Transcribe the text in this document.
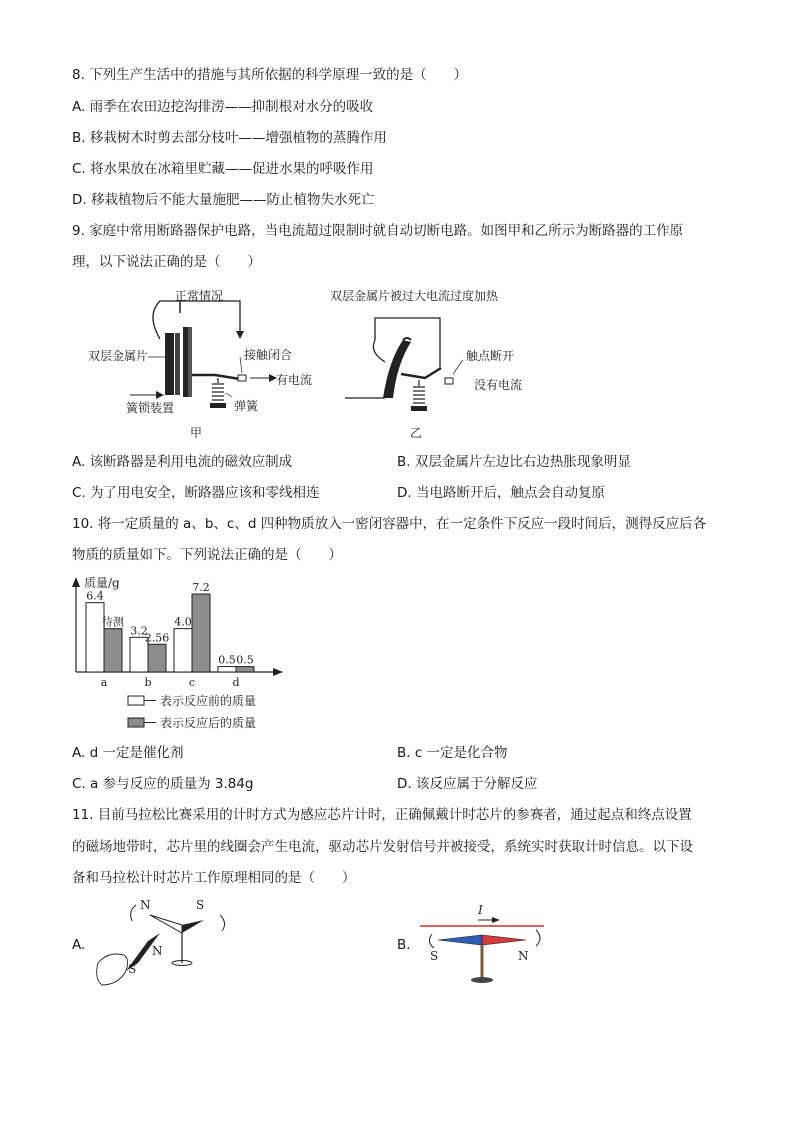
8. 下列生产生活中的措施与其所依据的科学原理一致的是（　　）
A. 雨季在农田边挖沟排涝——抑制根对水分的吸收
B. 移栽树木时剪去部分枝叶——增强植物的蒸腾作用
C. 将水果放在冰箱里贮藏——促进水果的呼吸作用
D. 移栽植物后不能大量施肥——防止植物失水死亡
9. 家庭中常用断路器保护电路，当电流超过限制时就自动切断电路。如图甲和乙所示为断路器的工作原
理，以下说法正确的是（　　）
正常情况
双层金属片	接触闭合
有电流
弹簧
簧锁装置
甲
双层金属片被过大电流过度加热
触点断开
没有电流
乙
A. 该断路器是利用电流的磁效应制成	B. 双层金属片左边比右边热胀现象明显
C. 为了用电安全，断路器应该和零线相连	D. 当电路断开后，触点会自动复原
10. 将一定质量的 a、b、c、d 四种物质放入一密闭容器中，在一定条件下反应一段时间后，测得反应后各
物质的质量如下。下列说法正确的是（　　）
质量/g
6.4
待测
a
3.2
2.56
b
4.0
7.2
c
0.5 0.5
d
表示反应前的质量
表示反应后的质量
A. d 一定是催化剂	B. c 一定是化合物
C. a 参与反应的质量为 3.84g	D. 该反应属于分解反应
11. 目前马拉松比赛采用的计时方式为感应芯片计时，正确佩戴计时芯片的参赛者，通过起点和终点设置
的磁场地带时，芯片里的线圈会产生电流，驱动芯片发射信号并被接受，系统实时获取计时信息。以下设
备和马拉松计时芯片工作原理相同的是（　　）
A.
N	S
N
S
B.
I
S	N
